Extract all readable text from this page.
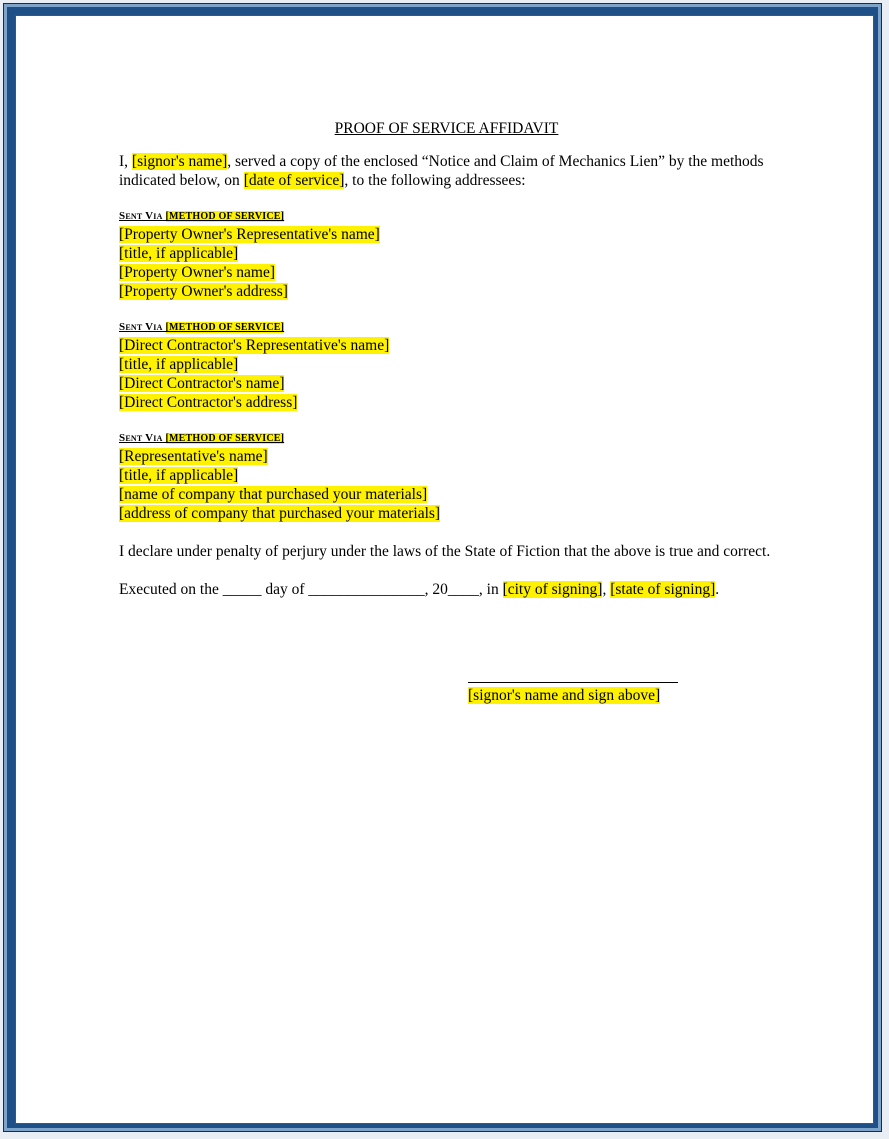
PROOF OF SERVICE AFFIDAVIT

I, [signor's name], served a copy of the enclosed “Notice and Claim of Mechanics Lien” by the methods indicated below, on [date of service], to the following addressees:

Sent Via [METHOD OF SERVICE]
[Property Owner's Representative's name]
[title, if applicable]
[Property Owner's name]
[Property Owner's address]
Sent Via [METHOD OF SERVICE]
[Direct Contractor's Representative's name]
[title, if applicable]
[Direct Contractor's name]
[Direct Contractor's address]
Sent Via [METHOD OF SERVICE]
[Representative's name]
[title, if applicable]
[name of company that purchased your materials]
[address of company that purchased your materials]

I declare under penalty of perjury under the laws of the State of Fiction that the above is true and correct.

Executed on the _____ day of _______________, 20____, in [city of signing], [state of signing].

[signor's name and sign above]
